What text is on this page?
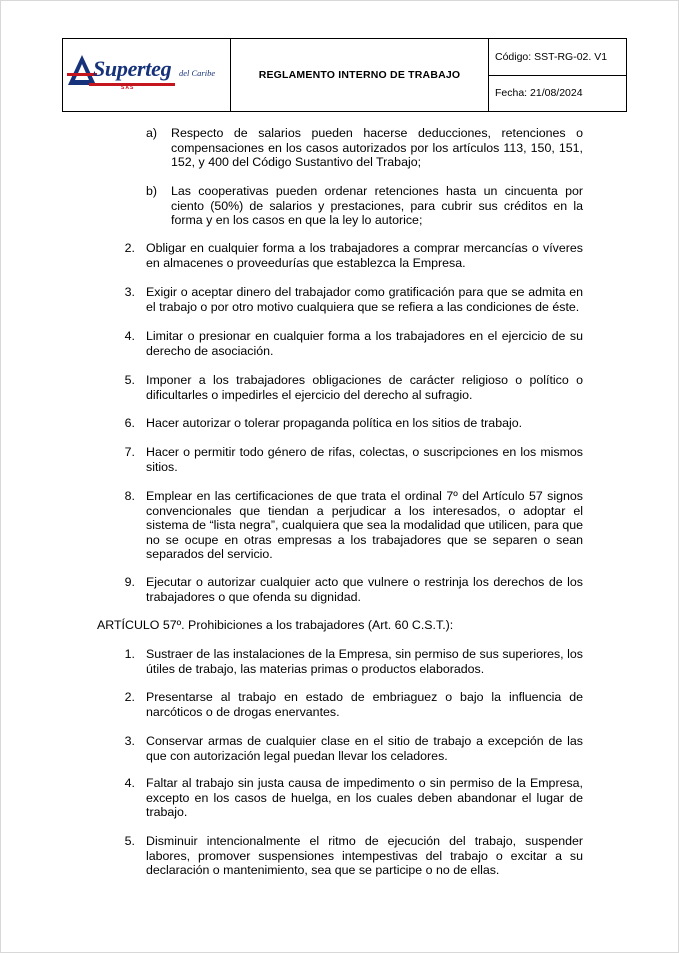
Superteg del Caribe
SAS
REGLAMENTO INTERNO DE TRABAJO
Código: SST-RG-02. V1
Fecha: 21/08/2024
a) Respecto de salarios pueden hacerse deducciones, retenciones o compensaciones en los casos autorizados por los artículos 113, 150, 151, 152, y 400 del Código Sustantivo del Trabajo;
b) Las cooperativas pueden ordenar retenciones hasta un cincuenta por ciento (50%) de salarios y prestaciones, para cubrir sus créditos en la forma y en los casos en que la ley lo autorice;
2. Obligar en cualquier forma a los trabajadores a comprar mercancías o víveres en almacenes o proveedurías que establezca la Empresa.
3. Exigir o aceptar dinero del trabajador como gratificación para que se admita en el trabajo o por otro motivo cualquiera que se refiera a las condiciones de éste.
4. Limitar o presionar en cualquier forma a los trabajadores en el ejercicio de su derecho de asociación.
5. Imponer a los trabajadores obligaciones de carácter religioso o político o dificultarles o impedirles el ejercicio del derecho al sufragio.
6. Hacer autorizar o tolerar propaganda política en los sitios de trabajo.
7. Hacer o permitir todo género de rifas, colectas, o suscripciones en los mismos sitios.
8. Emplear en las certificaciones de que trata el ordinal 7º del Artículo 57 signos convencionales que tiendan a perjudicar a los interesados, o adoptar el sistema de “lista negra”, cualquiera que sea la modalidad que utilicen, para que no se ocupe en otras empresas a los trabajadores que se separen o sean separados del servicio.
9. Ejecutar o autorizar cualquier acto que vulnere o restrinja los derechos de los trabajadores o que ofenda su dignidad.
ARTÍCULO 57º. Prohibiciones a los trabajadores (Art. 60 C.S.T.):
1. Sustraer de las instalaciones de la Empresa, sin permiso de sus superiores, los útiles de trabajo, las materias primas o productos elaborados.
2. Presentarse al trabajo en estado de embriaguez o bajo la influencia de narcóticos o de drogas enervantes.
3. Conservar armas de cualquier clase en el sitio de trabajo a excepción de las que con autorización legal puedan llevar los celadores.
4. Faltar al trabajo sin justa causa de impedimento o sin permiso de la Empresa, excepto en los casos de huelga, en los cuales deben abandonar el lugar de trabajo.
5. Disminuir intencionalmente el ritmo de ejecución del trabajo, suspender labores, promover suspensiones intempestivas del trabajo o excitar a su declaración o mantenimiento, sea que se participe o no de ellas.
